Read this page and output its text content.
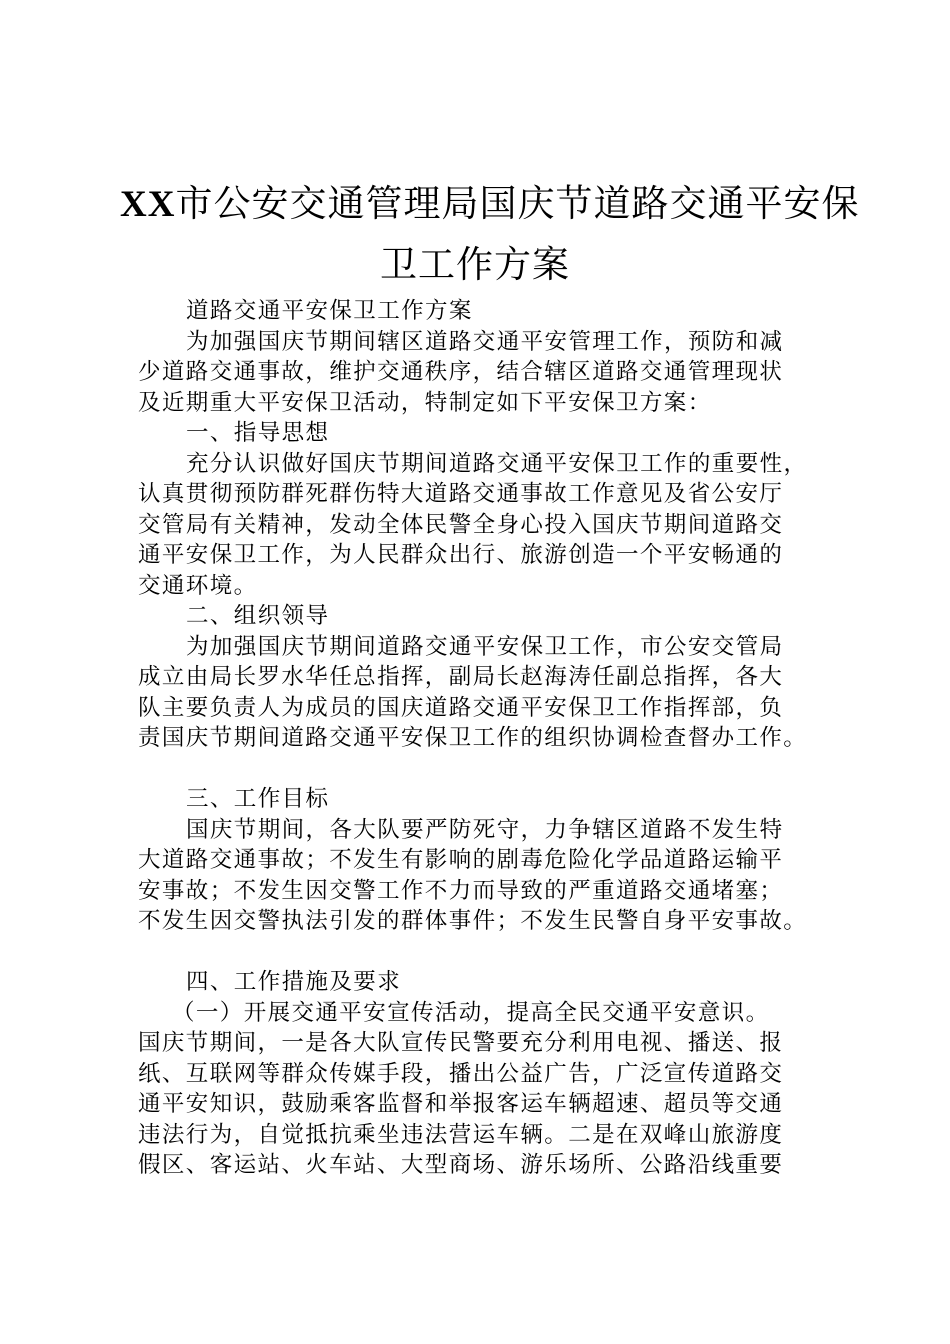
XX市公安交通管理局国庆节道路交通平安保
卫工作方案
道路交通平安保卫工作方案
为加强国庆节期间辖区道路交通平安管理工作，预防和减
少道路交通事故，维护交通秩序，结合辖区道路交通管理现状
及近期重大平安保卫活动，特制定如下平安保卫方案：
一、指导思想
充分认识做好国庆节期间道路交通平安保卫工作的重要性，
认真贯彻预防群死群伤特大道路交通事故工作意见及省公安厅
交管局有关精神，发动全体民警全身心投入国庆节期间道路交
通平安保卫工作，为人民群众出行、旅游创造一个平安畅通的
交通环境。
二、组织领导
为加强国庆节期间道路交通平安保卫工作，市公安交管局
成立由局长罗水华任总指挥，副局长赵海涛任副总指挥，各大
队主要负责人为成员的国庆道路交通平安保卫工作指挥部，负
责国庆节期间道路交通平安保卫工作的组织协调检查督办工作。
三、工作目标
国庆节期间，各大队要严防死守，力争辖区道路不发生特
大道路交通事故；不发生有影响的剧毒危险化学品道路运输平
安事故；不发生因交警工作不力而导致的严重道路交通堵塞；
不发生因交警执法引发的群体事件；不发生民警自身平安事故。
四、工作措施及要求
（一）开展交通平安宣传活动，提高全民交通平安意识。
国庆节期间，一是各大队宣传民警要充分利用电视、播送、报
纸、互联网等群众传媒手段，播出公益广告，广泛宣传道路交
通平安知识，鼓励乘客监督和举报客运车辆超速、超员等交通
违法行为，自觉抵抗乘坐违法营运车辆。二是在双峰山旅游度
假区、客运站、火车站、大型商场、游乐场所、公路沿线重要
